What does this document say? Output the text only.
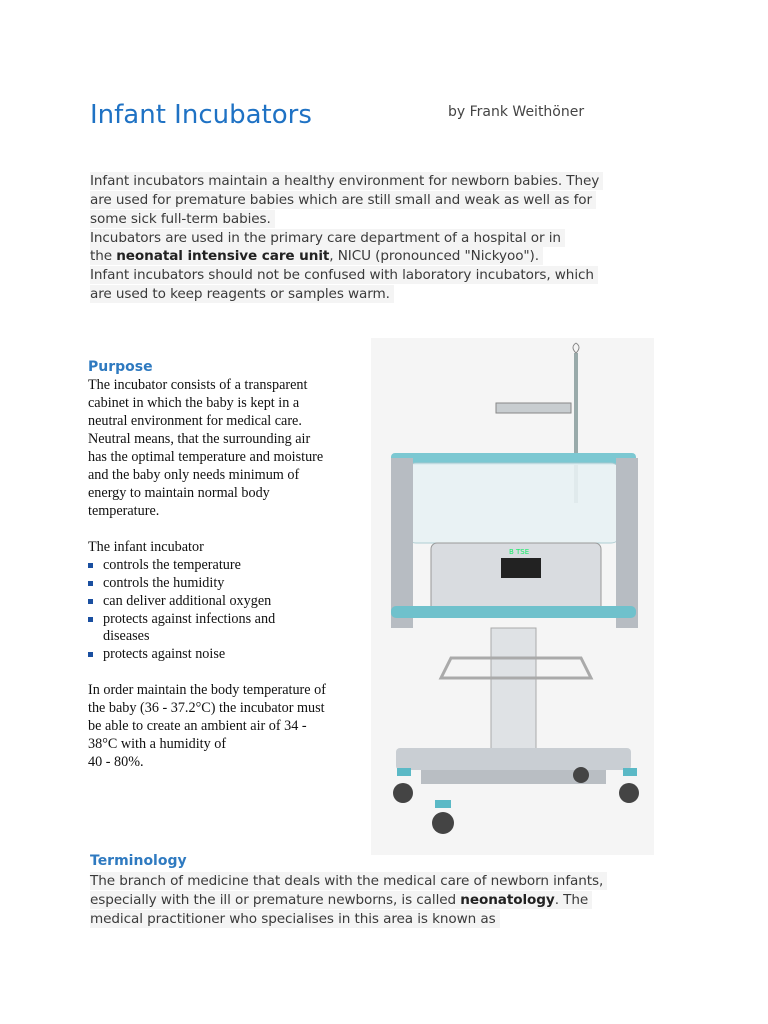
Infant Incubators	by Frank Weithöner
Infant incubators maintain a healthy environment for newborn babies. They
are used for premature babies which are still small and weak as well as for
some sick full-term babies.
Incubators are used in the primary care department of a hospital or in
the neonatal intensive care unit, NICU (pronounced "Nickyoo").
Infant incubators should not be confused with laboratory incubators, which
are used to keep reagents or samples warm.
Purpose
The incubator consists of a transparent
cabinet in which the baby is kept in a
neutral environment for medical care.
Neutral means, that the surrounding air
has the optimal temperature and moisture
and the baby only needs minimum of
energy to maintain normal body
temperature.
The infant incubator
controls the temperature
controls the humidity
can deliver additional oxygen
protects against infections and
diseases
protects against noise
In order maintain the body temperature of
the baby (36 - 37.2°C) the incubator must
be able to create an ambient air of 34 -
38°C with a humidity of
40 - 80%.
B TSE
Terminology
The branch of medicine that deals with the medical care of newborn infants,
especially with the ill or premature newborns, is called neonatology. The
medical practitioner who specialises in this area is known as
